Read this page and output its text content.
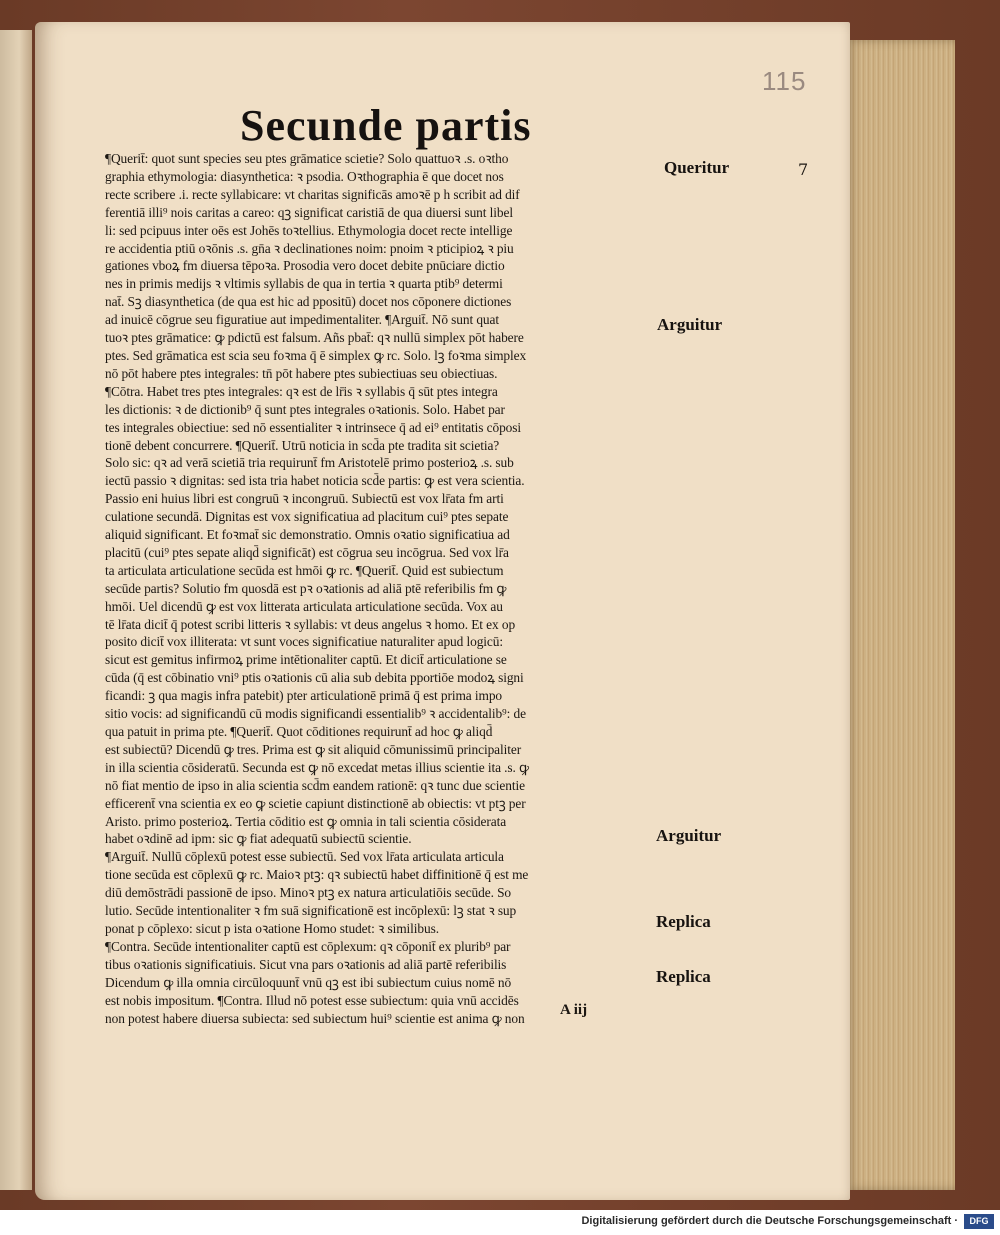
115
Secunde partis
¶Querit̄: quot sunt species seu ptes grāmatice scietie? Solo quattuoꝛ .s. oꝛtho
graphia ethymologia: diasynthetica: ꝛ psodia. Oꝛthographia ē que docet nos
recte scribere .i. recte syllabicare: vt charitas significās amoꝛē p h scribit ad dif
ferentiā illi⁹ nois caritas a careo: qꝫ significat caristiā de qua diuersi sunt libel
li: sed pcipuus inter oēs est Johēs toꝛtellius. Ethymologia docet recte intellige
re accidentia ptiū oꝛōnis .s. gn̄a ꝛ declinationes noim: pnoim ꝛ pticipioꝝ ꝛ piu
gationes vboꝝ fm diuersa tēpoꝛa. Prosodia vero docet debite pnūciare dictio
nes in primis medijs ꝛ vltimis syllabis de qua in tertia ꝛ quarta ptib⁹ determi
nat̄. Sꝫ diasynthetica (de qua est hic ad ppositū) docet nos cōponere dictiones
ad inuicē cōgrue seu figuratiue aut impedimentaliter. ¶Arguit̄. Nō sunt quat
tuoꝛ ptes grāmatice: ꝙ pdictū est falsum. Añs pbat̄: qꝛ nullū simplex pōt habere
ptes. Sed grāmatica est scia seu foꝛma q̄ ē simplex ꝙ rc. Solo. lꝫ foꝛma simplex
nō pōt habere ptes integrales: tn̄ pōt habere ptes subiectiuas seu obiectiuas.
¶Cōtra. Habet tres ptes integrales: qꝛ est de lr̄is ꝛ syllabis q̄ sūt ptes integra
les dictionis: ꝛ de dictionib⁹ q̄ sunt ptes integrales oꝛationis. Solo. Habet par
tes integrales obiectiue: sed nō essentialiter ꝛ intrinsece q̄ ad ei⁹ entitatis cōposi
tionē debent concurrere. ¶Querit̄. Utrū noticia in scd̄a pte tradita sit scietia?
Solo sic: qꝛ ad verā scietiā tria requirunt̄ fm Aristotelē primo posterioꝝ .s. sub
iectū passio ꝛ dignitas: sed ista tria habet noticia scd̄e partis: ꝙ est vera scientia.
Passio eni huius libri est congruū ꝛ incongruū. Subiectū est vox lr̄ata fm arti
culatione secundā. Dignitas est vox significatiua ad placitum cui⁹ ptes sepate
aliquid significant. Et foꝛmat̄ sic demonstratio. Omnis oꝛatio significatiua ad
placitū (cui⁹ ptes sepate aliqd̄ significāt) est cōgrua seu incōgrua. Sed vox lr̄a
ta articulata articulatione secūda est hmōi ꝙ rc. ¶Querit̄. Quid est subiectum
secūde partis? Solutio fm quosdā est pꝛ oꝛationis ad aliā ptē referibilis fm ꝙ
hmōi. Uel dicendū ꝙ est vox litterata articulata articulatione secūda. Vox au
tē lr̄ata dicit̄ q̄ potest scribi litteris ꝛ syllabis: vt deus angelus ꝛ homo. Et ex op
posito dicit̄ vox illiterata: vt sunt voces significatiue naturaliter apud logicū:
sicut est gemitus infirmoꝝ prime intētionaliter captū. Et dicit̄ articulatione se
cūda (q̄ est cōbinatio vni⁹ ptis oꝛationis cū alia sub debita pportiōe modoꝝ signi
ficandi: ꝫ qua magis infra patebit) pter articulationē primā q̄ est prima impo
sitio vocis: ad significandū cū modis significandi essentialib⁹ ꝛ accidentalib⁹: de
qua patuit in prima pte. ¶Querit̄. Quot cōditiones requirunt̄ ad hoc ꝙ aliqd̄
est subiectū? Dicendū ꝙ tres. Prima est ꝙ sit aliquid cōmunissimū principaliter
in illa scientia cōsideratū. Secunda est ꝙ nō excedat metas illius scientie ita .s. ꝙ
nō fiat mentio de ipso in alia scientia scd̄m eandem rationē: qꝛ tunc due scientie
efficerent̄ vna scientia ex eo ꝙ scietie capiunt distinctionē ab obiectis: vt ptꝫ per
Aristo. primo posterioꝝ. Tertia cōditio est ꝙ omnia in tali scientia cōsiderata
habet oꝛdinē ad ipm: sic ꝙ fiat adequatū subiectū scientie.
¶Arguit̄. Nullū cōplexū potest esse subiectū. Sed vox lr̄ata articulata articula
tione secūda est cōplexū ꝙ rc. Maioꝛ ptꝫ: qꝛ subiectū habet diffinitionē q̄ est me
diū demōstrādi passionē de ipso. Minoꝛ ptꝫ ex natura articulatiōis secūde. So
lutio. Secūde intentionaliter ꝛ fm suā significationē est incōplexū: lꝫ stat ꝛ sup
ponat p cōplexo: sicut p ista oꝛatione Homo studet: ꝛ similibus.
¶Contra. Secūde intentionaliter captū est cōplexum: qꝛ cōponit̄ ex plurib⁹ par
tibus oꝛationis significatiuis. Sicut vna pars oꝛationis ad aliā partē referibilis
Dicendum ꝙ illa omnia circūloquunt̄ vnū qꝫ est ibi subiectum cuius nomē nō
est nobis impositum. ¶Contra. Illud nō potest esse subiectum: quia vnū accidēs
non potest habere diuersa subiecta: sed subiectum hui⁹ scientie est anima ꝙ non
Queritur
Arguitur
Arguitur
Replica
Replica
7
A iij
Digitalisierung gefördert durch die Deutsche Forschungsgemeinschaft ·	DFG
